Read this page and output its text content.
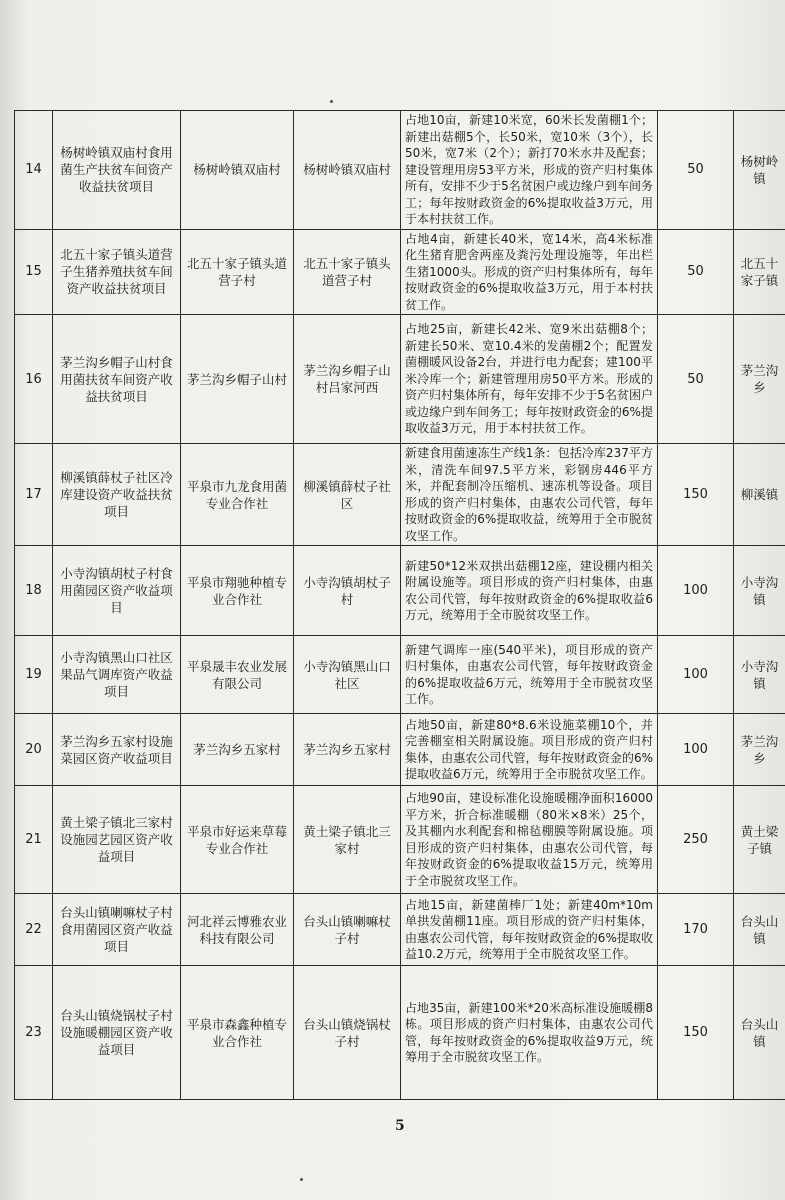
14	杨树岭镇双庙村食用菌生产扶贫车间资产收益扶贫项目	杨树岭镇双庙村	杨树岭镇双庙村	占地10亩，新建10米宽，60米长发菌棚1个；新建出菇棚5个，长50米，宽10米（3个），长50米，宽7米（2个）；新打70米水井及配套；建设管理用房53平方米，形成的资产归村集体所有，安排不少于5名贫困户或边缘户到车间务工；每年按财政资金的6%提取收益3万元，用于本村扶贫工作。	50	杨树岭镇	
15	北五十家子镇头道营子生猪养殖扶贫车间资产收益扶贫项目	北五十家子镇头道营子村	北五十家子镇头道营子村	占地4亩，新建长40米，宽14米，高4米标准化生猪育肥舍两座及粪污处理设施等，年出栏生猪1000头。形成的资产归村集体所有，每年按财政资金的6%提取收益3万元，用于本村扶贫工作。	50	北五十家子镇	
16	茅兰沟乡帽子山村食用菌扶贫车间资产收益扶贫项目	茅兰沟乡帽子山村	茅兰沟乡帽子山村吕家河西	占地25亩，新建长42米、宽9米出菇棚8个；新建长50米、宽10.4米的发菌棚2个；配置发菌棚暖风设备2台，并进行电力配套；建100平米冷库一个；新建管理用房50平方米。形成的资产归村集体所有，每年安排不少于5名贫困户或边缘户到车间务工；每年按财政资金的6%提取收益3万元，用于本村扶贫工作。	50	茅兰沟乡	
17	柳溪镇薛杖子社区冷库建设资产收益扶贫项目	平泉市九龙食用菌专业合作社	柳溪镇薛杖子社区	新建食用菌速冻生产线1条：包括冷库237平方米，清洗车间97.5平方米，彩钢房446平方米，并配套制冷压缩机、速冻机等设备。项目形成的资产归村集体，由惠农公司代管，每年按财政资金的6%提取收益，统筹用于全市脱贫攻坚工作。	150	柳溪镇	
18	小寺沟镇胡杖子村食用菌园区资产收益项目	平泉市翔驰种植专业合作社	小寺沟镇胡杖子村	新建50*12米双拱出菇棚12座，建设棚内相关附属设施等。项目形成的资产归村集体，由惠农公司代管，每年按财政资金的6%提取收益6万元，统筹用于全市脱贫攻坚工作。	100	小寺沟镇	
19	小寺沟镇黑山口社区果品气调库资产收益项目	平泉晟丰农业发展有限公司	小寺沟镇黑山口社区	新建气调库一座(540平米)，项目形成的资产归村集体，由惠农公司代管，每年按财政资金的6%提取收益6万元，统筹用于全市脱贫攻坚工作。	100	小寺沟镇	
20	茅兰沟乡五家村设施菜园区资产收益项目	茅兰沟乡五家村	茅兰沟乡五家村	占地50亩，新建80*8.6米设施菜棚10个，并完善棚室相关附属设施。项目形成的资产归村集体，由惠农公司代管，每年按财政资金的6%提取收益6万元，统筹用于全市脱贫攻坚工作。	100	茅兰沟乡	
21	黄土梁子镇北三家村设施园艺园区资产收益项目	平泉市好运来草莓专业合作社	黄土梁子镇北三家村	占地90亩，建设标准化设施暖棚净面积16000平方米，折合标准暖棚（80米×8米）25个，及其棚内水利配套和棉毡棚膜等附属设施。项目形成的资产归村集体，由惠农公司代管，每年按财政资金的6%提取收益15万元，统筹用于全市脱贫攻坚工作。	250	黄土梁子镇	
22	台头山镇喇嘛杖子村食用菌园区资产收益项目	河北祥云博雅农业科技有限公司	台头山镇喇嘛杖子村	占地15亩，新建菌棒厂1处；新建40m*10m单拱发菌棚11座。项目形成的资产归村集体，由惠农公司代管，每年按财政资金的6%提取收益10.2万元，统筹用于全市脱贫攻坚工作。	170	台头山镇	
23	台头山镇烧锅杖子村设施暖棚园区资产收益项目	平泉市森鑫种植专业合作社	台头山镇烧锅杖子村	占地35亩，新建100米*20米高标准设施暖棚8栋。项目形成的资产归村集体，由惠农公司代管，每年按财政资金的6%提取收益9万元，统筹用于全市脱贫攻坚工作。	150	台头山镇	
5
